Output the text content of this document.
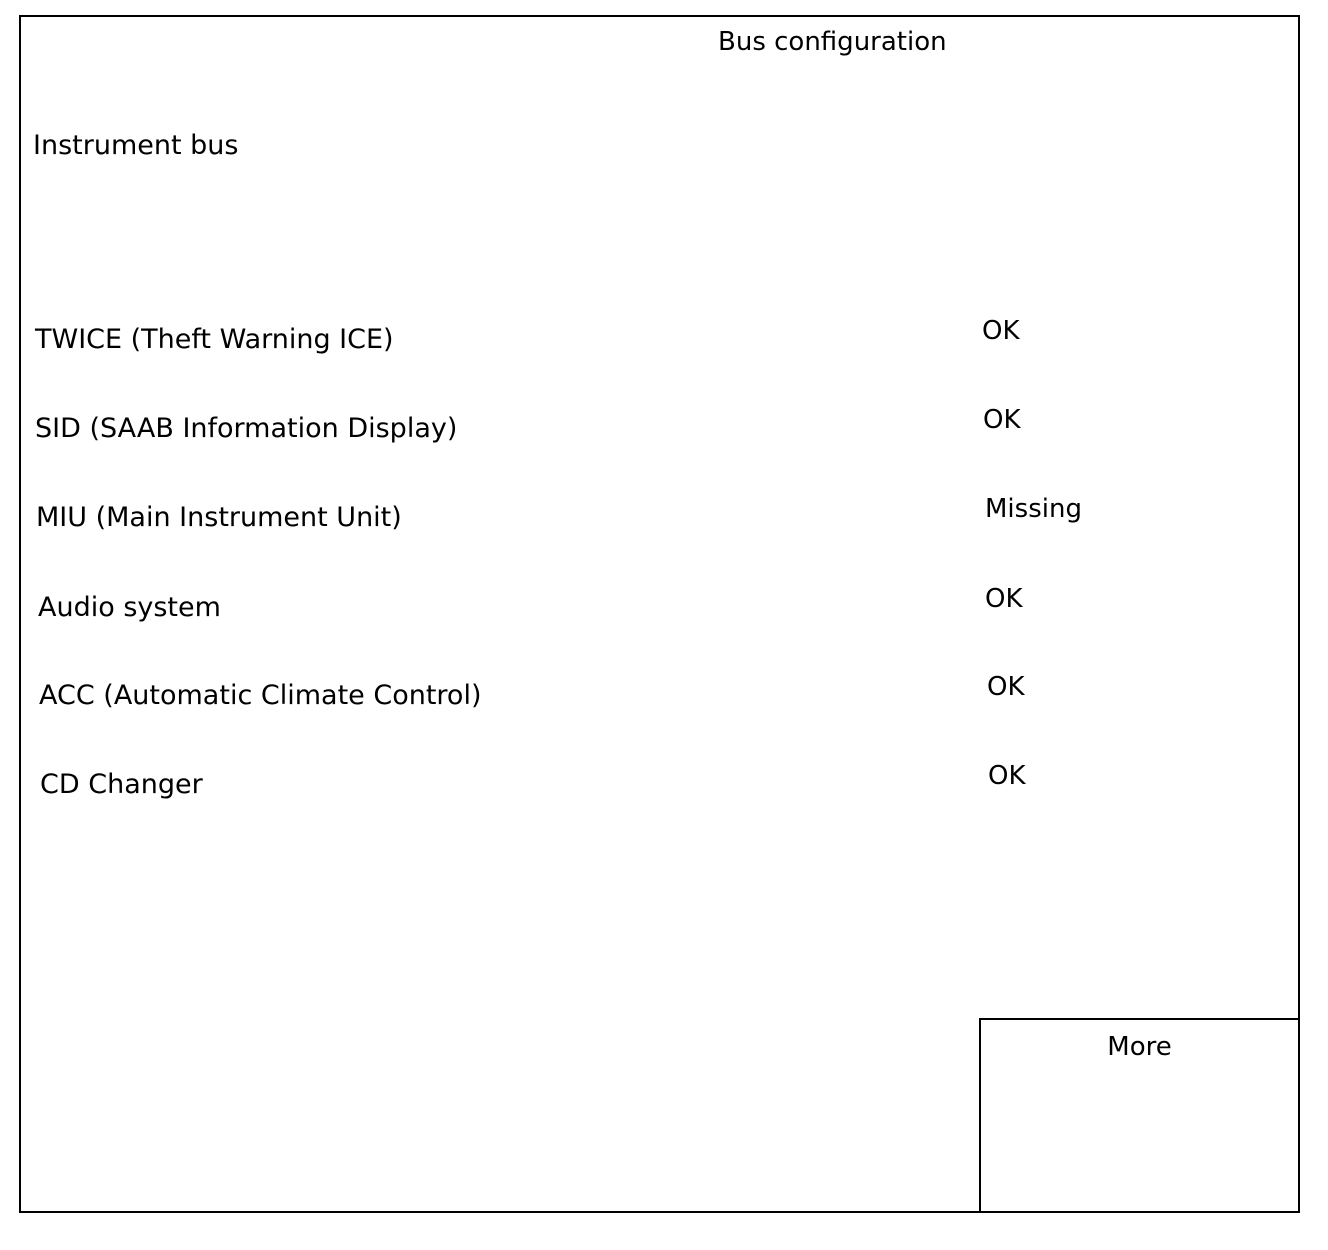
Bus configuration
Instrument bus
TWICE (Theft Warning ICE)	OK
SID (SAAB Information Display)	OK
MIU (Main Instrument Unit)	Missing
Audio system	OK
ACC (Automatic Climate Control)	OK
CD Changer	OK
More
